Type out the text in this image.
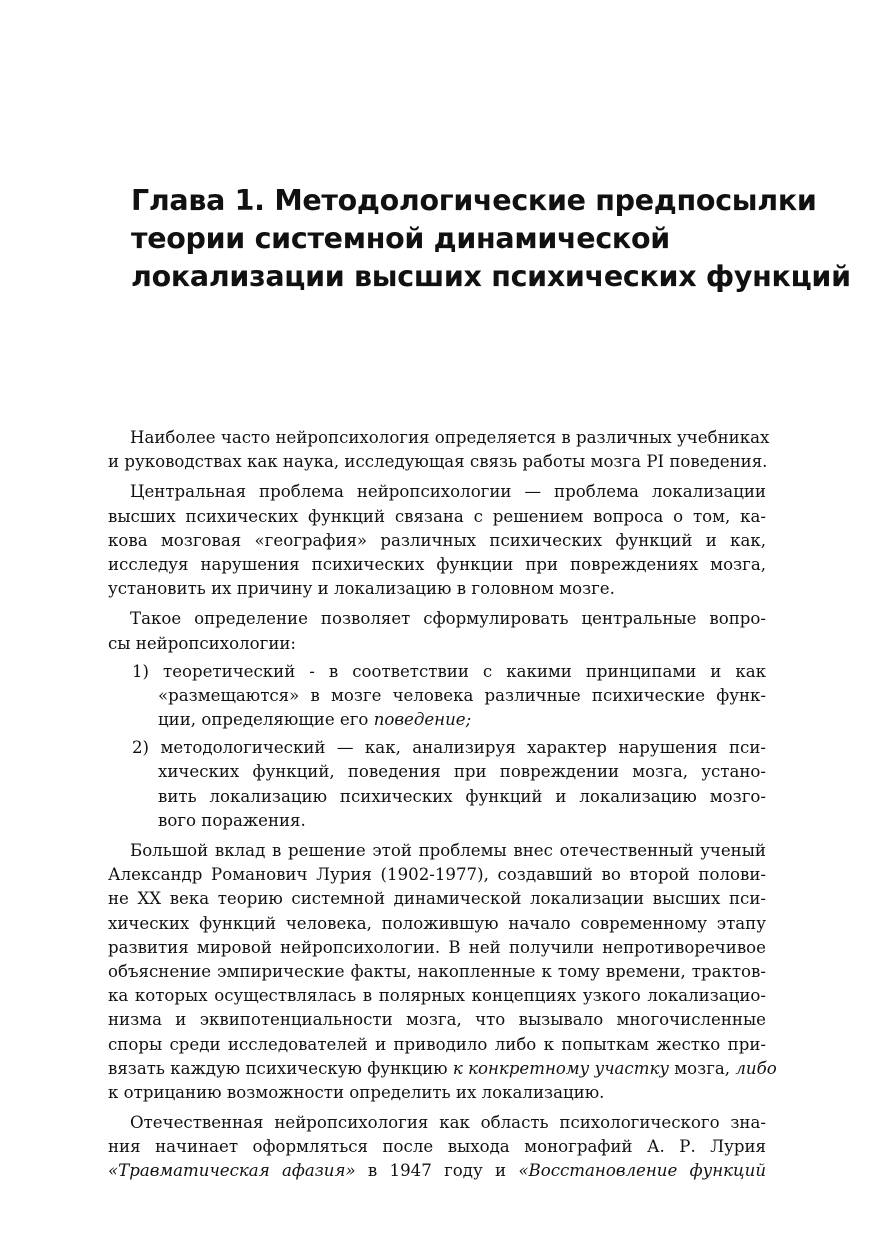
Глава 1. Методологические предпосылки
теории системной динамической
локализации высших психических функций
Наиболее часто нейропсихология определяется в различных учебниках
и руководствах как наука, исследующая связь работы мозга PI поведения.
Центральная проблема нейропсихологии — проблема локализации
высших психических функций связана с решением вопроса о том, ка-
кова мозговая «география» различных психических функций и как,
исследуя нарушения психических функции при повреждениях мозга,
установить их причину и локализацию в головном мозге.
Такое определение позволяет сформулировать центральные вопро-
сы нейропсихологии:
1) теоретический - в соответствии с какими принципами и как
«размещаются» в мозге человека различные психические функ-
ции, определяющие его поведение;
2) методологический — как, анализируя характер нарушения пси-
хических функций, поведения при повреждении мозга, устано-
вить локализацию психических функций и локализацию мозго-
вого поражения.
Большой вклад в решение этой проблемы внес отечественный ученый
Александр Романович Лурия (1902-1977), создавший во второй полови-
не XX века теорию системной динамической локализации высших пси-
хических функций человека, положившую начало современному этапу
развития мировой нейропсихологии. В ней получили непротиворечивое
объяснение эмпирические факты, накопленные к тому времени, трактов-
ка которых осуществлялась в полярных концепциях узкого локализацио-
низма и эквипотенциальности мозга, что вызывало многочисленные
споры среди исследователей и приводило либо к попыткам жестко при-
вязать каждую психическую функцию к конкретному участку мозга, либо
к отрицанию возможности определить их локализацию.
Отечественная нейропсихология как область психологического зна-
ния начинает оформляться после выхода монографий А. Р. Лурия
«Травматическая афазия» в 1947 году и «Восстановление функций
